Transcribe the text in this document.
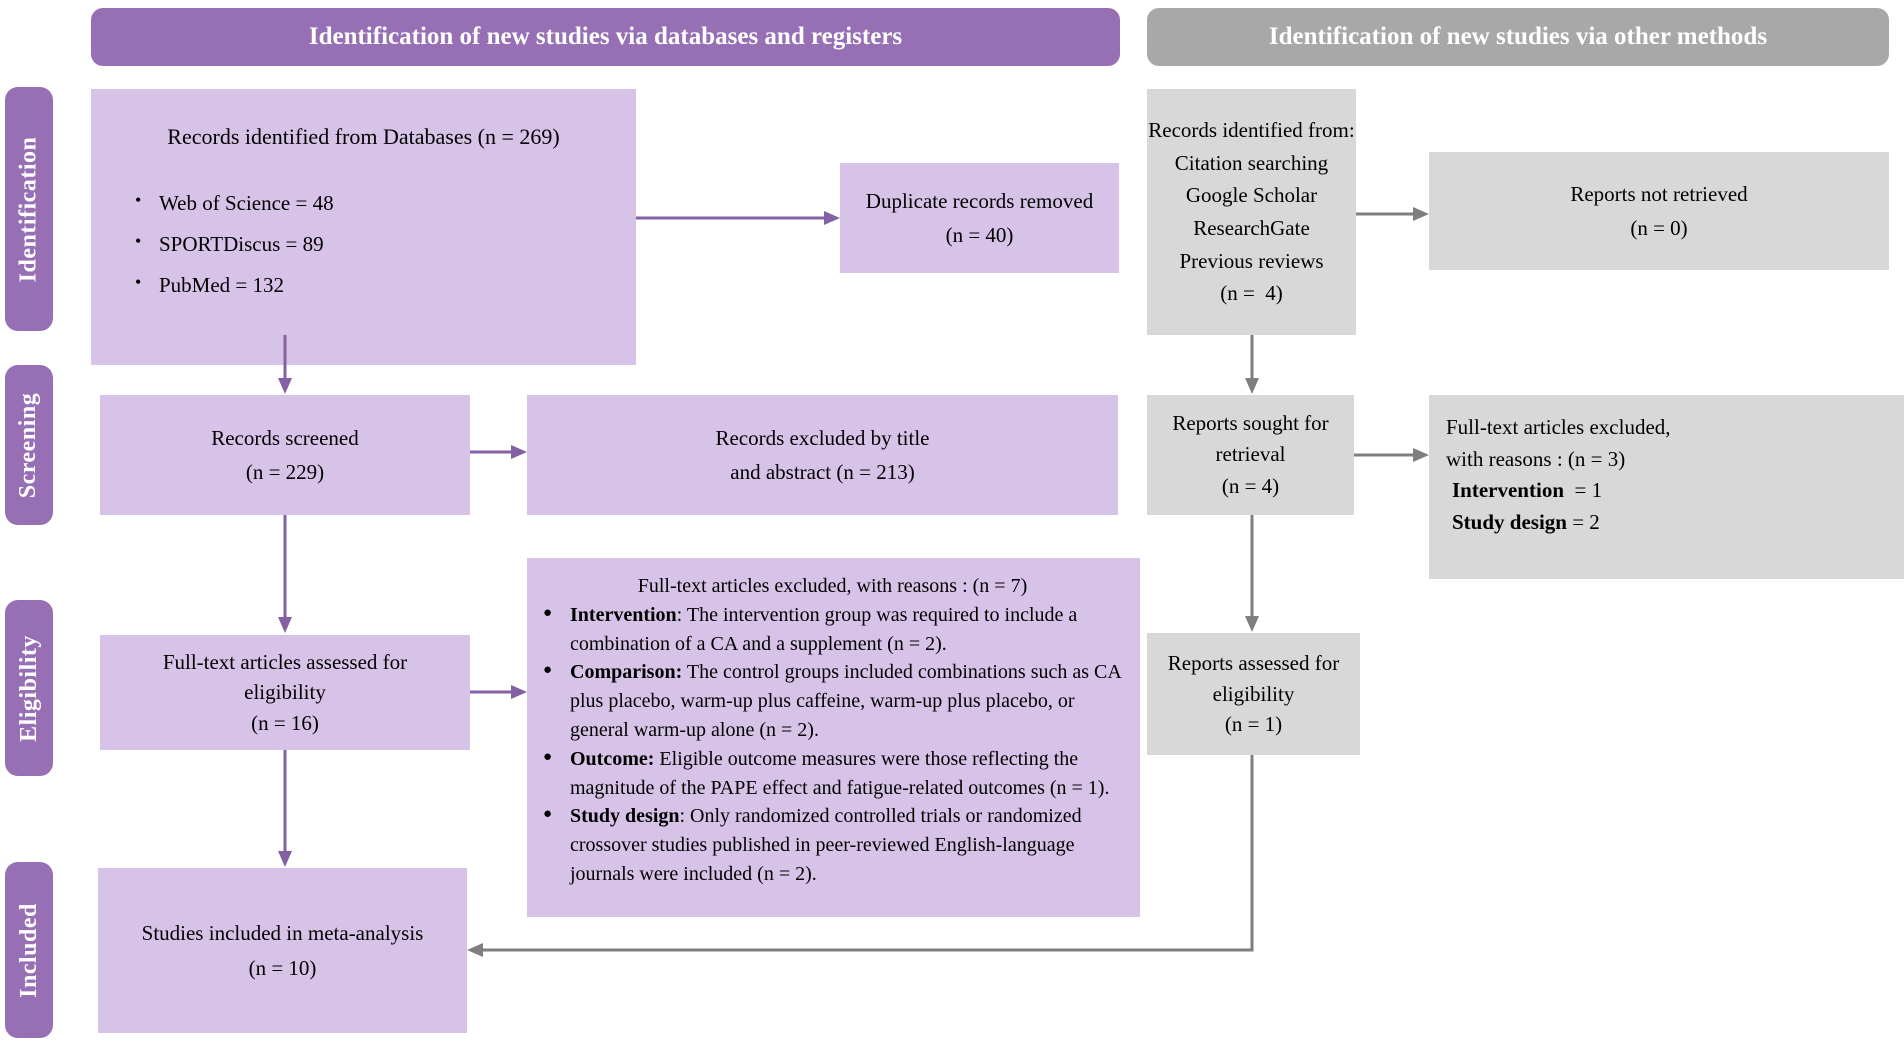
Identification of new studies via databases and registers	Identification of new studies via other methods
Identification
Screening
Eligibility
Included
Records identified from Databases (n = 269)
• Web of Science = 48
• SPORTDiscus = 89
• PubMed = 132
Records screened
(n = 229)
Full-text articles assessed for
eligibility
(n = 16)
Studies included in meta-analysis
(n = 10)
Duplicate records removed
(n = 40)
Records excluded by title
and abstract (n = 213)
Full-text articles excluded, with reasons : (n = 7)
● Intervention: The intervention group was required to include a combination of a CA and a supplement (n = 2).
● Comparison: The control groups included combinations such as CA plus placebo, warm-up plus caffeine, warm-up plus placebo, or general warm-up alone (n = 2).
● Outcome: Eligible outcome measures were those reflecting the magnitude of the PAPE effect and fatigue-related outcomes (n = 1).
● Study design: Only randomized controlled trials or randomized crossover studies published in peer-reviewed English-language journals were included (n = 2).
Records identified from:
Citation searching
Google Scholar
ResearchGate
Previous reviews
(n =  4)
Reports not retrieved
(n = 0)
Reports sought for retrieval
(n = 4)
Full-text articles excluded,
with reasons : (n = 3)
Intervention  = 1
Study design = 2
Reports assessed for
eligibility
(n = 1)
